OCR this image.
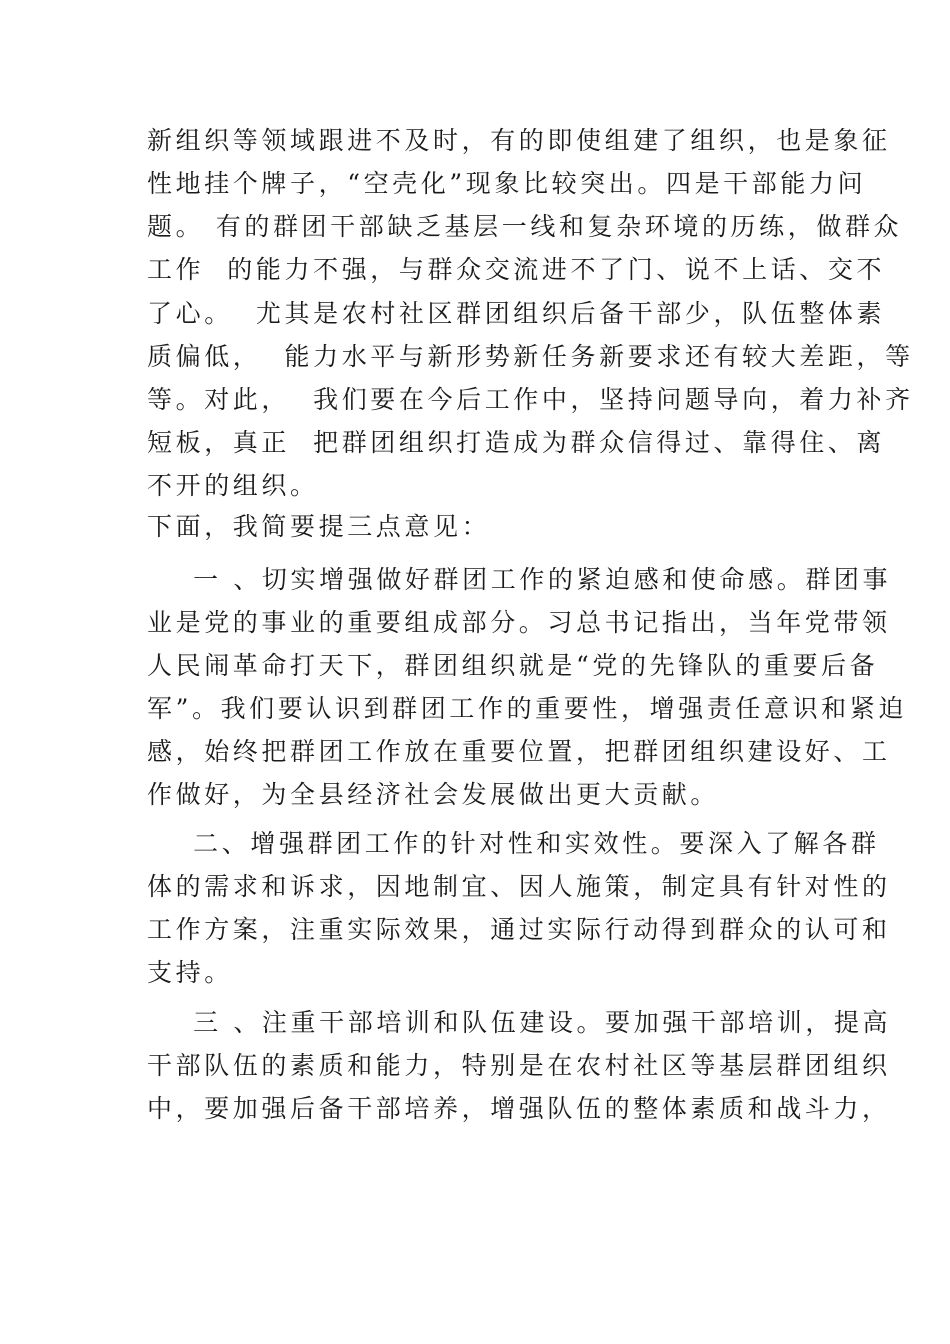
新组织等领域跟进不及时，有的即使组建了组织，也是象征

性地挂个牌子，“空壳化”现象比较突出。四是干部能力问

题。 有的群团干部缺乏基层一线和复杂环境的历练，做群众

工作  的能力不强，与群众交流进不了门、说不上话、交不

了心。  尤其是农村社区群团组织后备干部少，队伍整体素

质偏低，  能力水平与新形势新任务新要求还有较大差距，等

等。对此，  我们要在今后工作中，坚持问题导向，着力补齐

短板，真正  把群团组织打造成为群众信得过、靠得住、离

不开的组织。

下面，我简要提三点意见：

一 、切实增强做好群团工作的紧迫感和使命感。群团事

业是党的事业的重要组成部分。习总书记指出，当年党带领

人民闹革命打天下，群团组织就是“党的先锋队的重要后备

军”。我们要认识到群团工作的重要性，增强责任意识和紧迫

感，始终把群团工作放在重要位置，把群团组织建设好、工

作做好，为全县经济社会发展做出更大贡献。

二、增强群团工作的针对性和实效性。要深入了解各群

体的需求和诉求，因地制宜、因人施策，制定具有针对性的

工作方案，注重实际效果，通过实际行动得到群众的认可和

支持。

三 、注重干部培训和队伍建设。要加强干部培训，提高

干部队伍的素质和能力，特别是在农村社区等基层群团组织

中，要加强后备干部培养，增强队伍的整体素质和战斗力，
